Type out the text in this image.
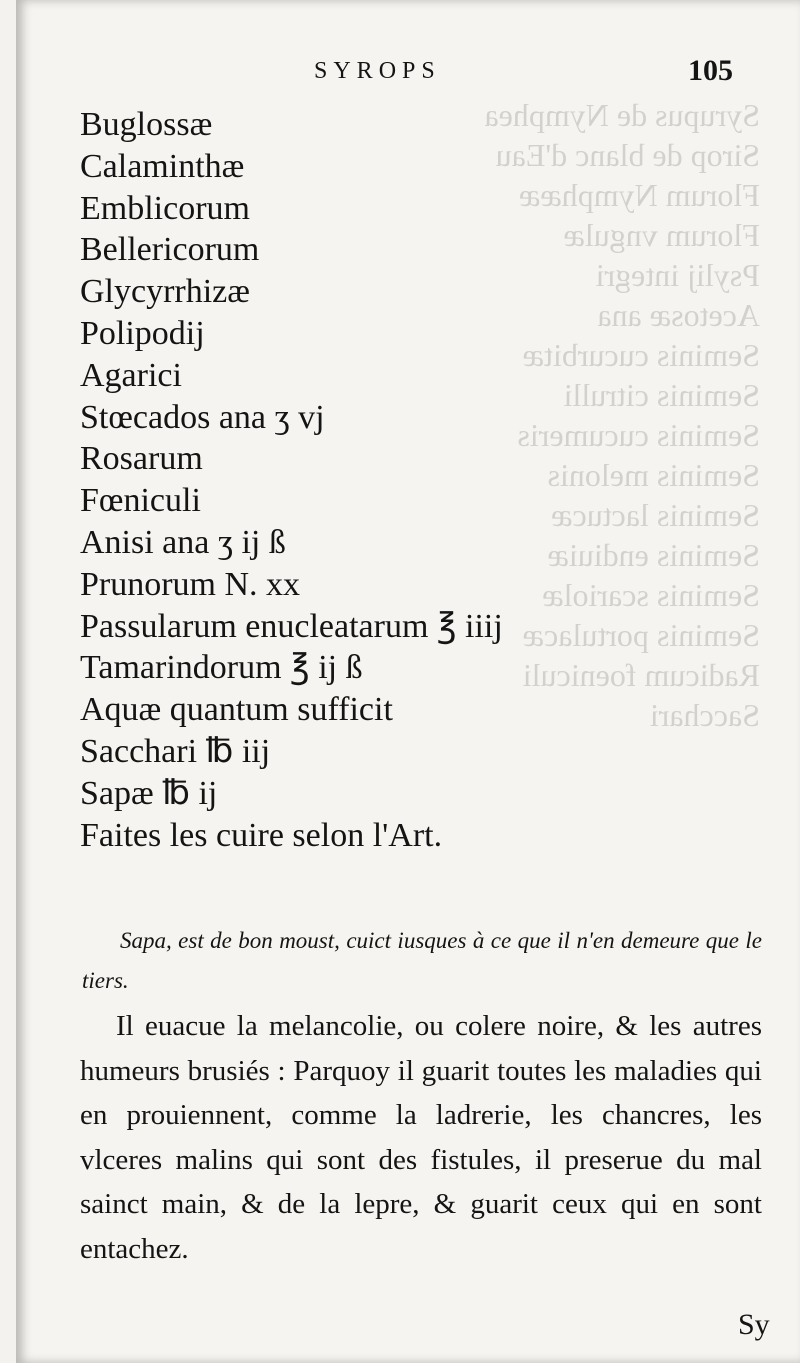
Syrupus de Nymphea
Sirop de blanc d'Eau
Florum Nymphææ
Florum vngulæ
Psylij integri
Acetosæ ana
Seminis cucurbitæ
Seminis citrulli
Seminis cucumeris
Seminis melonis
Seminis lactucæ
Seminis endiuiæ
Seminis scariolæ
Seminis portulacæ
Radicum foeniculi
Sacchari
SYROPS	105
Buglossæ
Calaminthæ
Emblicorum
Bellericorum
Glycyrrhizæ
Polipodij
Agarici
Stœcados ana ʒ vj
Rosarum
Fœniculi
Anisi ana ʒ ij ß
Prunorum N. xx
Passularum enucleatarum ℥ iiij
Tamarindorum ℥ ij ß
Aquæ quantum sufficit
Sacchari ℔ iij
Sapæ ℔ ij
Faites les cuire selon l'Art.

Sapa, est de bon moust, cuict iusques à ce que il n'en demeure que le tiers.

Il euacue la melancolie, ou colere noire, & les autres humeurs brusiés : Parquoy il guarit toutes les maladies qui en prouiennent, comme la ladrerie, les chancres, les vlceres malins qui sont des fistules, il preserue du mal sainct main, & de la lepre, & guarit ceux qui en sont entachez.

Sy
